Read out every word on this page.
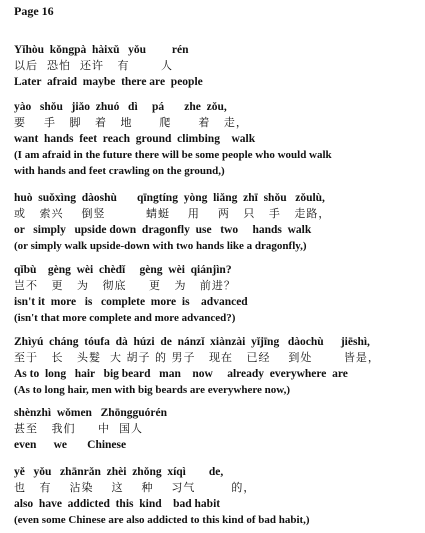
Page 16
Yǐhòu  kǒngpà  hàixǔ   yǒu         rén
以后  恐怕  还许   有       人
Later  afraid  maybe  there are  people
yào   shǒu   jiǎo  zhuó   dì     pá       zhe  zǒu,
要    手   脚   着   地      爬      着   走，
want  hands  feet  reach  ground  climbing    walk
(I am afraid in the future there will be some people who would walk
with hands and feet crawling on the ground,)
huò  suǒxìng  dàoshù       qīngtíng  yòng  liǎng  zhī  shǒu   zǒulù,
或   索兴    倒竖         蜻蜓    用    两   只   手   走路，
or   simply   upside down  dragonfly  use   two     hands  walk
(or simply walk upside-down with two hands like a dragonfly,)
qǐbù    gèng  wèi  chèdǐ     gèng  wèi  qiánjìn?
岂不   更   为   彻底     更   为   前进？
isn't it  more   is   complete  more  is    advanced
(isn't that more complete and more advanced?)
Zhìyú  cháng  tóufa  dà  húzi  de  nánzǐ  xiànzài  yǐjīng   dàochù      jiēshì,
至于   长   头髮  大 胡子 的 男子   现在   已经    到处       皆是，
As to  long   hair   big beard   man    now     already  everywhere  are
(As to long hair, men with big beards are everywhere now,)
shènzhì  wǒmen   Zhōngguórén
甚至   我们     中  国人
even      we       Chinese
yě   yǒu   zhānrǎn  zhèi  zhǒng  xíqì        de,
也   有    沾染    这    种    习气        的，
also  have  addicted  this  kind    bad habit
(even some Chinese are also addicted to this kind of bad habit,)
